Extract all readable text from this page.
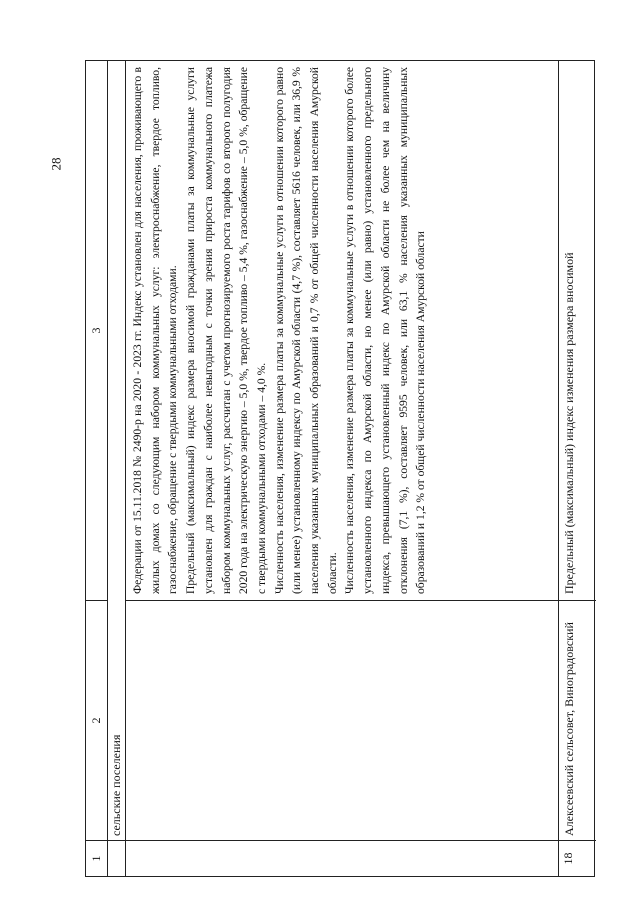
28
1
2
3
сельские поселения

Федерации от 15.11.2018 № 2490-р на 2020 - 2023 гг. Индекс установлен для населения, проживающего в жилых домах со следующим набором коммунальных услуг: электроснабжение, твердое топливо, газоснабжение, обращение с твердыми коммунальными отходами. Предельный (максимальный) индекс размера вносимой гражданами платы за коммунальные услуги установлен для граждан с наиболее невыгодным с точки зрения прироста коммунального платежа набором коммунальных услуг, рассчитан с учетом прогнозируемого роста тарифов со второго полугодия 2020 года на электрическую энергию – 5,0 %, твердое топливо – 5,4 %, газоснабжение – 5,0 %, обращение с твердыми коммунальными отходами – 4,0 %. Численность населения, изменение размера платы за коммунальные услуги в отношении которого равно (или менее) установленному индексу по Амурской области (4,7 %), составляет 5616 человек, или 36,9 % населения указанных муниципальных образований и 0,7 % от общей численности населения Амурской области. Численность населения, изменение размера платы за коммунальные услуги в отношении которого более установленного индекса по Амурской области, но менее (или равно) установленного предельного индекса, превышающего установленный индекс по Амурской области не более чем на величину отклонения (7,1 %), составляет 9595 человек, или 63,1 % населения указанных муниципальных образований и 1,2 % от общей численности населения Амурской области

18
Алексеевский сельсовет, Виноградовский
Предельный (максимальный) индекс изменения размера вносимой
